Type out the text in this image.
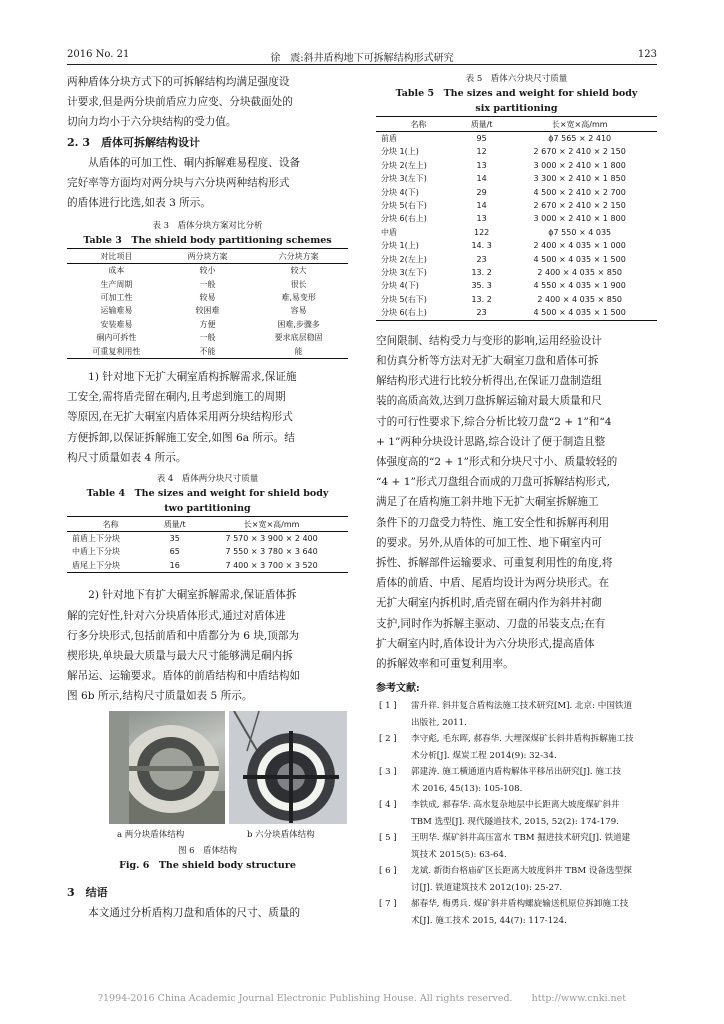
2016 No. 21	徐　震:斜井盾构地下可拆解结构形式研究	123
两种盾体分块方式下的可拆解结构均满足强度设
计要求,但是两分块前盾应力应变、分块截面处的
切向力均小于六分块结构的受力值。
2. 3　盾体可拆解结构设计
　　从盾体的可加工性、硐内拆解难易程度、设备
完好率等方面均对两分块与六分块两种结构形式
的盾体进行比选,如表 3 所示。
表 3　盾体分块方案对比分析
Table 3　The shield body partitioning schemes
对比项目	两分块方案	六分块方案
成本	较小	较大
生产周期	一般	很长
可加工性	较易	难,易变形
运输难易	较困难	容易
安装难易	方便	困难,步骤多
硐内可拆性	一般	要求底层稳固
可重复利用性	不能	能
　　1) 针对地下无扩大硐室盾构拆解需求,保证施
工安全,需将盾壳留在硐内,且考虑到施工的周期
等原因,在无扩大硐室内盾体采用两分块结构形式
方便拆卸,以保证拆解施工安全,如图 6a 所示。结
构尺寸质量如表 4 所示。
表 4　盾体两分块尺寸质量
Table 4　The sizes and weight for shield body
two partitioning
名称	质量/t	长×宽×高/mm
前盾上下分块	35	7 570 × 3 900 × 2 400
中盾上下分块	65	7 550 × 3 780 × 3 640
盾尾上下分块	16	7 400 × 3 700 × 3 520
　　2) 针对地下有扩大硐室拆解需求,保证盾体拆
解的完好性,针对六分块盾体形式,通过对盾体进
行多分块形式,包括前盾和中盾都分为 6 块,顶部为
楔形块,单块最大质量与最大尺寸能够满足硐内拆
解吊运、运输要求。盾体的前盾结构和中盾结构如
图 6b 所示,结构尺寸质量如表 5 所示。
a 两分块盾体结构	b 六分块盾体结构
图 6　盾体结构
Fig. 6　The shield body structure
3　结语
　　本文通过分析盾构刀盘和盾体的尺寸、质量的
表 5　盾体六分块尺寸质量
Table 5　The sizes and weight for shield body
six partitioning
名称	质量/t	长×宽×高/mm
前盾	95	ϕ7 565 × 2 410
分块 1(上)	12	2 670 × 2 410 × 2 150
分块 2(左上)	13	3 000 × 2 410 × 1 800
分块 3(左下)	14	3 300 × 2 410 × 1 850
分块 4(下)	29	4 500 × 2 410 × 2 700
分块 5(右下)	14	2 670 × 2 410 × 2 150
分块 6(右上)	13	3 000 × 2 410 × 1 800
中盾	122	ϕ7 550 × 4 035
分块 1(上)	14. 3	2 400 × 4 035 × 1 000
分块 2(左上)	23	4 500 × 4 035 × 1 500
分块 3(左下)	13. 2	2 400 × 4 035 × 850
分块 4(下)	35. 3	4 550 × 4 035 × 1 900
分块 5(右下)	13. 2	2 400 × 4 035 × 850
分块 6(右上)	23	4 500 × 4 035 × 1 500
空间限制、结构受力与变形的影响,运用经验设计
和仿真分析等方法对无扩大硐室刀盘和盾体可拆
解结构形式进行比较分析得出,在保证刀盘制造组
装的高质高效,达到刀盘拆解运输对最大质量和尺
寸的可行性要求下,综合分析比较刀盘“2 + 1”和“4
+ 1”两种分块设计思路,综合设计了便于制造且整
体强度高的“2 + 1”形式和分块尺寸小、质量较轻的
“4 + 1”形式刀盘组合而成的刀盘可拆解结构形式,
满足了在盾构施工斜井地下无扩大硐室拆解施工
条件下的刀盘受力特性、施工安全性和拆解再利用
的要求。另外,从盾体的可加工性、地下硐室内可
拆性、拆解部件运输要求、可重复利用性的角度,将
盾体的前盾、中盾、尾盾均设计为两分块形式。在
无扩大硐室内拆机时,盾壳留在硐内作为斜井衬砌
支护,同时作为拆解主驱动、刀盘的吊装支点;在有
扩大硐室内时,盾体设计为六分块形式,提高盾体
的拆解效率和可重复利用率。
参考文献:
[ 1 ] 雷升祥. 斜井复合盾构法施工技术研究[M]. 北京: 中国铁道
出版社, 2011.
[ 2 ] 李守彪, 毛东晖, 郝春华. 大埋深煤矿长斜井盾构拆解施工技
术分析[J]. 煤炭工程 2014(9): 32-34.
[ 3 ] 郭建涛. 施工横通道内盾构解体平移吊出研究[J]. 施工技
术 2016, 45(13): 105-108.
[ 4 ] 李铁成, 郝春华. 高水复杂地层中长距离大坡度煤矿斜井
TBM 选型[J]. 现代隧道技术, 2015, 52(2): 174-179.
[ 5 ] 王明华. 煤矿斜井高压富水 TBM 掘进技术研究[J]. 铁道建
筑技术 2015(5): 63-64.
[ 6 ] 龙斌. 新街台格庙矿区长距离大坡度斜井 TBM 设备选型探
讨[J]. 铁道建筑技术 2012(10): 25-27.
[ 7 ] 郝春华, 梅勇兵. 煤矿斜井盾构螺旋输送机原位拆卸施工技
术[J]. 施工技术 2015, 44(7): 117-124.
?1994-2016 China Academic Journal Electronic Publishing House. All rights reserved.　　http://www.cnki.net
